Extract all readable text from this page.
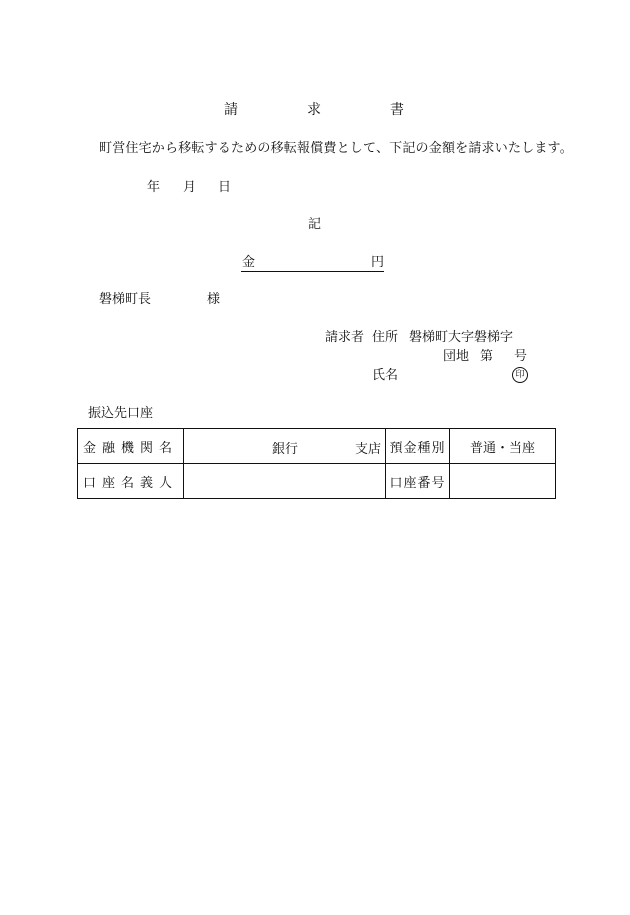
請	求	書
町営住宅から移転するための移転報償費として、下記の金額を請求いたします。
年 月 日
記
金	円
磐梯町長	様
請求者 住所 磐梯町大字磐梯字
団地 第 号
氏名	印
振込先口座
金融機関名	銀行 支店	預金種別	普通・当座
口座名義人		口座番号	
